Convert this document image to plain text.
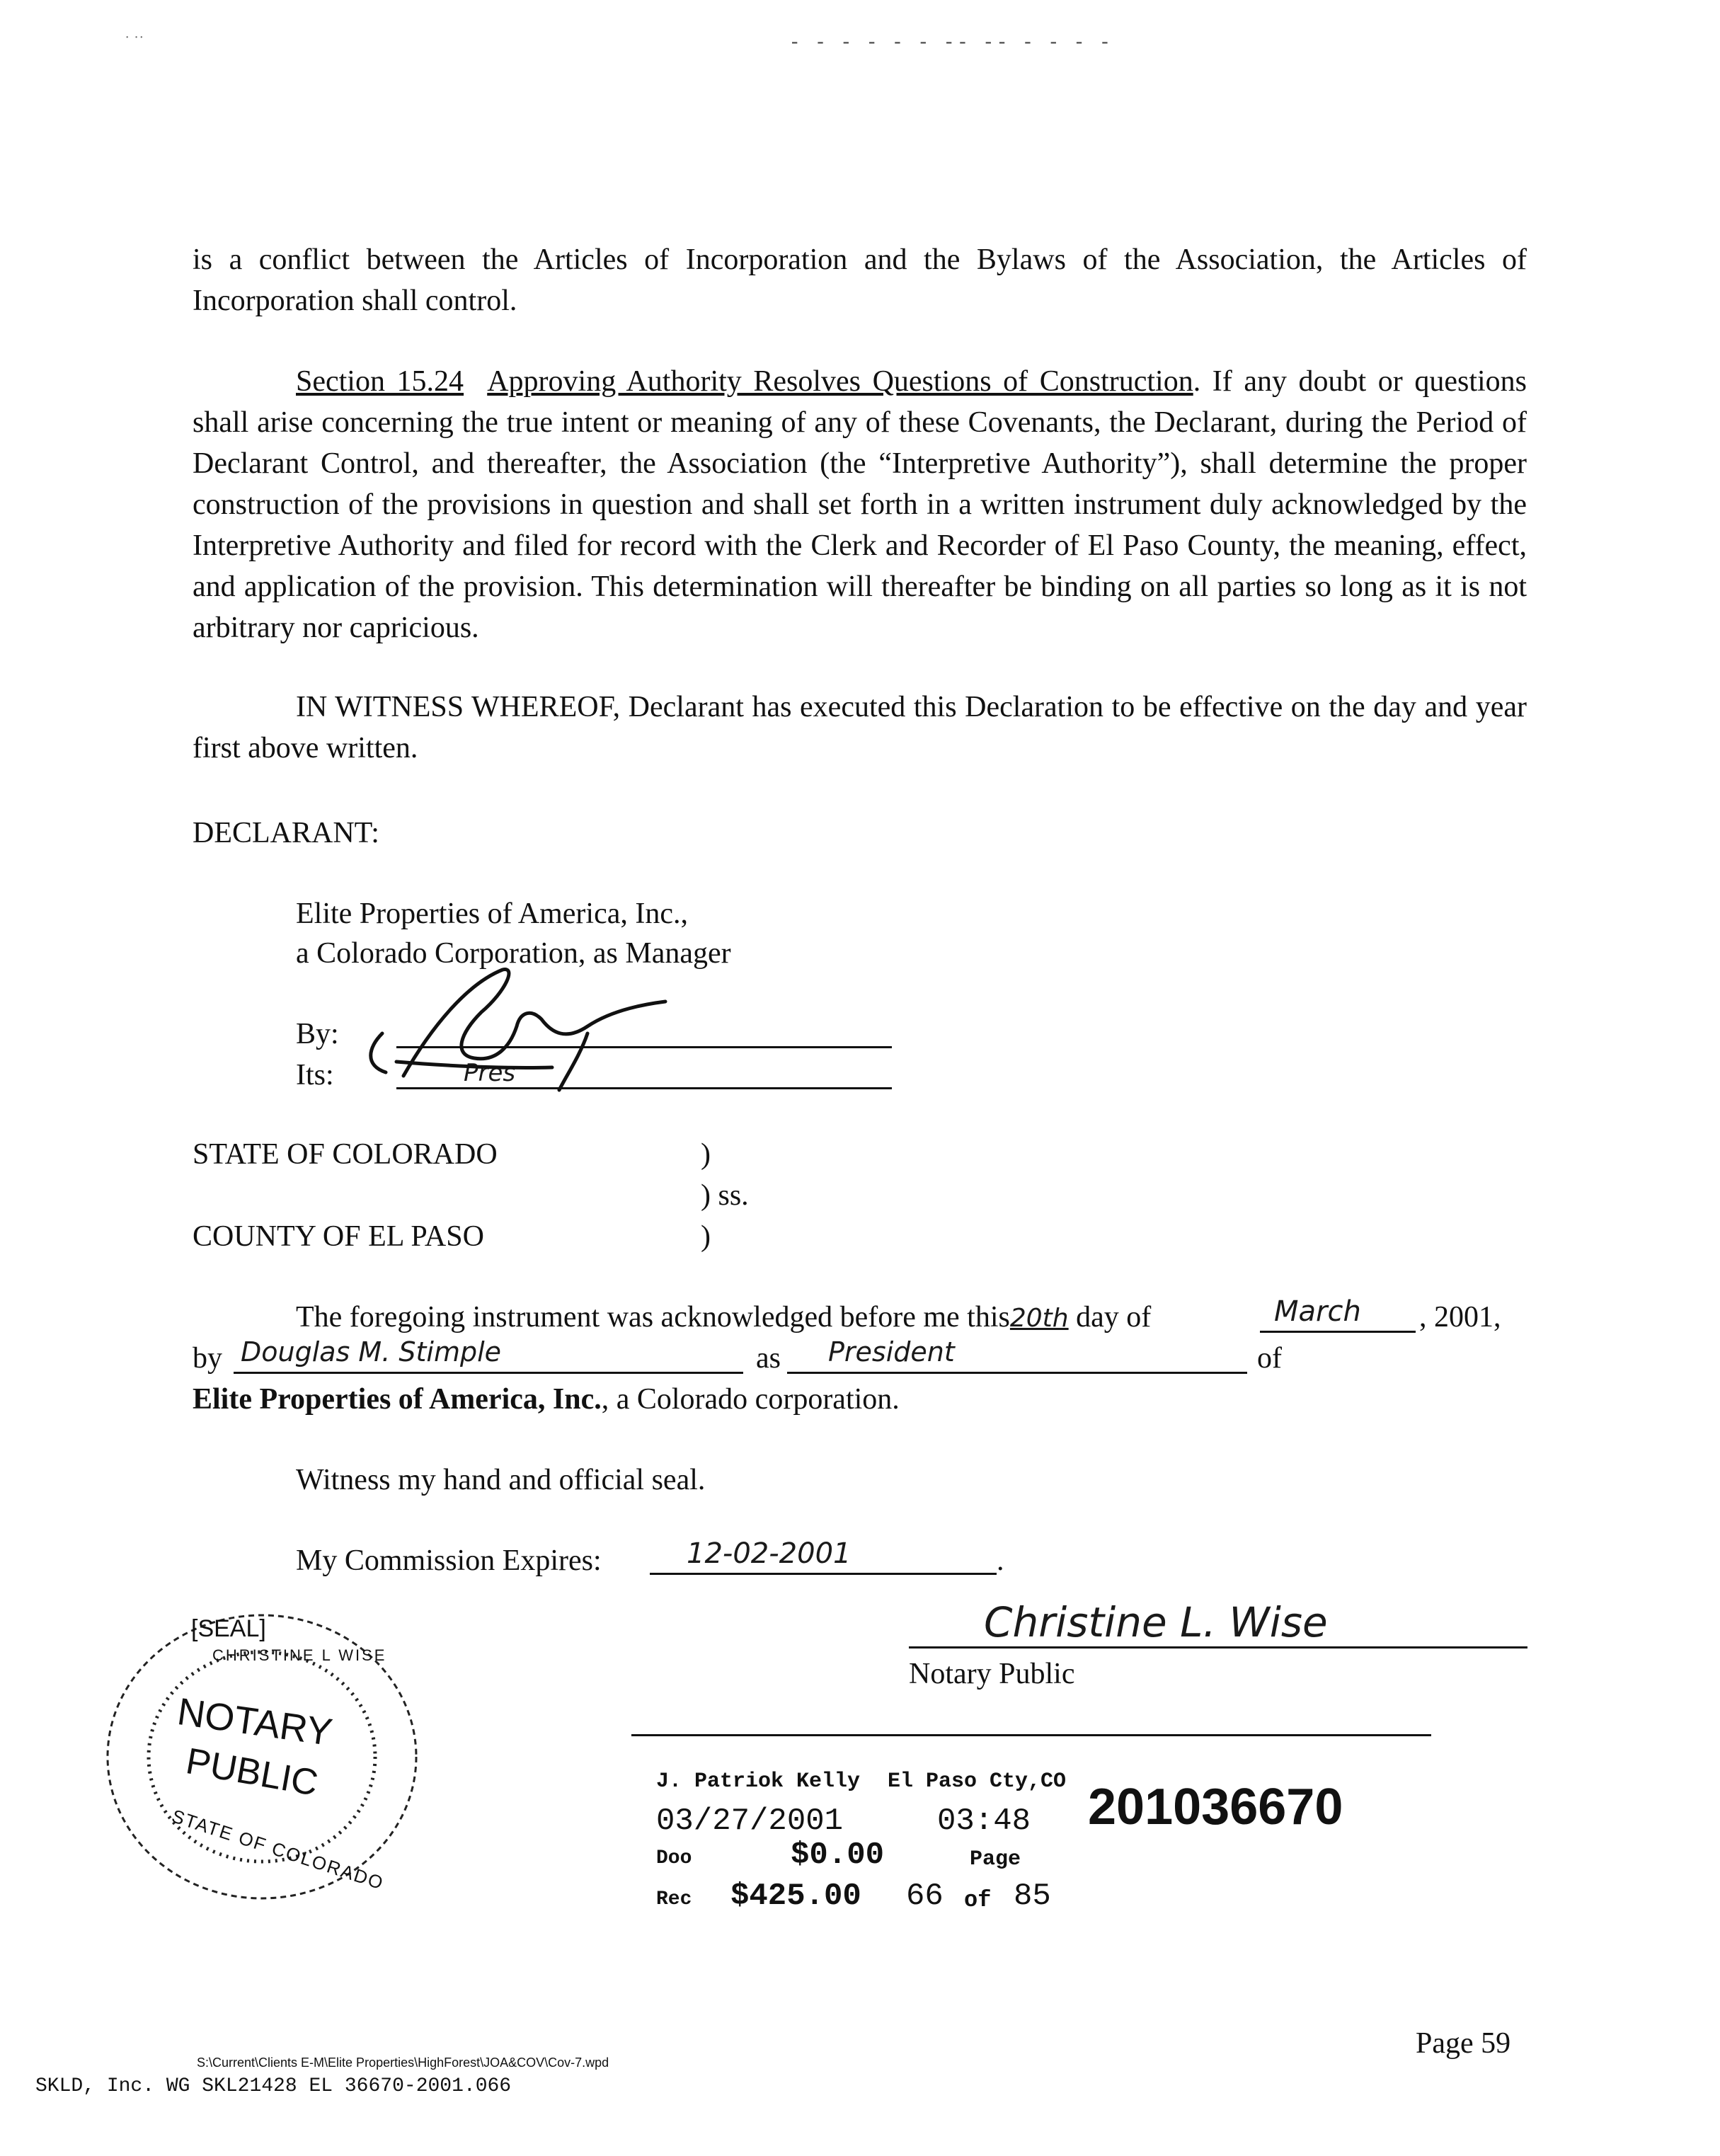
˙ ˙˙	- - - - - - -- -- - - - -

is a conflict between the Articles of Incorporation and the Bylaws of the Association, the Articles of Incorporation shall control.

Section 15.24 Approving Authority Resolves Questions of Construction. If any doubt or questions shall arise concerning the true intent or meaning of any of these Covenants, the Declarant, during the Period of Declarant Control, and thereafter, the Association (the “Interpretive Authority”), shall determine the proper construction of the provisions in question and shall set forth in a written instrument duly acknowledged by the Interpretive Authority and filed for record with the Clerk and Recorder of El Paso County, the meaning, effect, and application of the provision. This determination will thereafter be binding on all parties so long as it is not arbitrary nor capricious.

IN WITNESS WHEREOF, Declarant has executed this Declaration to be effective on the day and year first above written.

DECLARANT:
Elite Properties of America, Inc.,
a Colorado Corporation, as Manager
By:
Its:	Pres
STATE OF COLORADO	)
) ss.
COUNTY OF EL PASO	)
The foregoing instrument was acknowledged before me this20th day of	March , 2001,
by Douglas M. Stimple	as President	of
Elite Properties of America, Inc., a Colorado corporation.
Witness my hand and official seal.
My Commission Expires:	12-02-2001	.
Christine L. Wise
Notary Public
[SEAL]
CHRISTINE L WISE
NOTARY
PUBLIC
STATE OF COLORADO
J. Patriok Kelly El Paso Cty,CO
03/27/2001	03:48 201036670
Doo	$0.00	Page
Rec $425.00 66 of 85
S:\Current\Clients E-M\Elite Properties\HighForest\JOA&COV\Cov-7.wpd
Page 59
SKLD, Inc. WG SKL21428 EL 36670-2001.066
